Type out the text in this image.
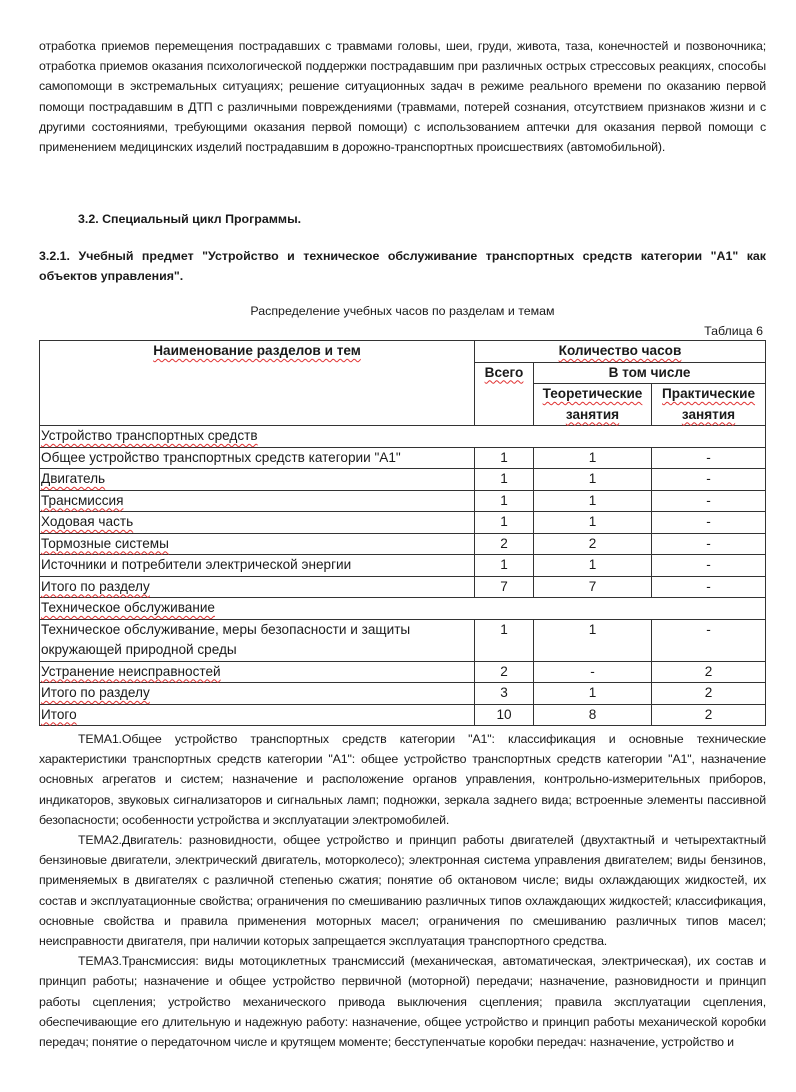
отработка приемов перемещения пострадавших с травмами головы, шеи, груди, живота, таза, конечностей и позвоночника; отработка приемов оказания психологической поддержки пострадавшим при различных острых стрессовых реакциях, способы самопомощи в экстремальных ситуациях; решение ситуационных задач в режиме реального времени по оказанию первой помощи пострадавшим в ДТП с различными повреждениями (травмами, потерей сознания, отсутствием признаков жизни и с другими состояниями, требующими оказания первой помощи) с использованием аптечки для оказания первой помощи с применением медицинских изделий пострадавшим в дорожно-транспортных происшествиях (автомобильной).

3.2. Специальный цикл Программы.

3.2.1. Учебный предмет "Устройство и техническое обслуживание транспортных средств категории "А1" как объектов управления".

Распределение учебных часов по разделам и темам
Таблица 6
Наименование разделов и тем	Количество часов		
	Всего	В том числе	
		Теоретические	Практические
		занятия	занятия
Устройство транспортных средств			
Общее устройство транспортных средств категории "А1"	1	1	-
Двигатель	1	1	-
Трансмиссия	1	1	-
Ходовая часть	1	1	-
Тормозные системы	2	2	-
Источники и потребители электрической энергии	1	1	-
Итого по разделу	7	7	-
Техническое обслуживание			
Техническое обслуживание, меры безопасности и защиты окружающей природной среды	1	1	-
Устранение неисправностей	2	-	2
Итого по разделу	3	1	2
Итого	10	8	2

ТЕМА1.Общее устройство транспортных средств категории "А1": классификация и основные технические характеристики транспортных средств категории "А1": общее устройство транспортных средств категории "А1", назначение основных агрегатов и систем; назначение и расположение органов управления, контрольно-измерительных приборов, индикаторов, звуковых сигнализаторов и сигнальных ламп; подножки, зеркала заднего вида; встроенные элементы пассивной безопасности; особенности устройства и эксплуатации электромобилей.

ТЕМА2.Двигатель: разновидности, общее устройство и принцип работы двигателей (двухтактный и четырехтактный бензиновые двигатели, электрический двигатель, моторколесо); электронная система управления двигателем; виды бензинов, применяемых в двигателях с различной степенью сжатия; понятие об октановом числе; виды охлаждающих жидкостей, их состав и эксплуатационные свойства; ограничения по смешиванию различных типов охлаждающих жидкостей; классификация, основные свойства и правила применения моторных масел; ограничения по смешиванию различных типов масел; неисправности двигателя, при наличии которых запрещается эксплуатация транспортного средства.

ТЕМА3.Трансмиссия: виды мотоциклетных трансмиссий (механическая, автоматическая, электрическая), их состав и принцип работы; назначение и общее устройство первичной (моторной) передачи; назначение, разновидности и принцип работы сцепления; устройство механического привода выключения сцепления; правила эксплуатации сцепления, обеспечивающие его длительную и надежную работу: назначение, общее устройство и принцип работы механической коробки передач; понятие о передаточном числе и крутящем моменте; бесступенчатые коробки передач: назначение, устройство и
